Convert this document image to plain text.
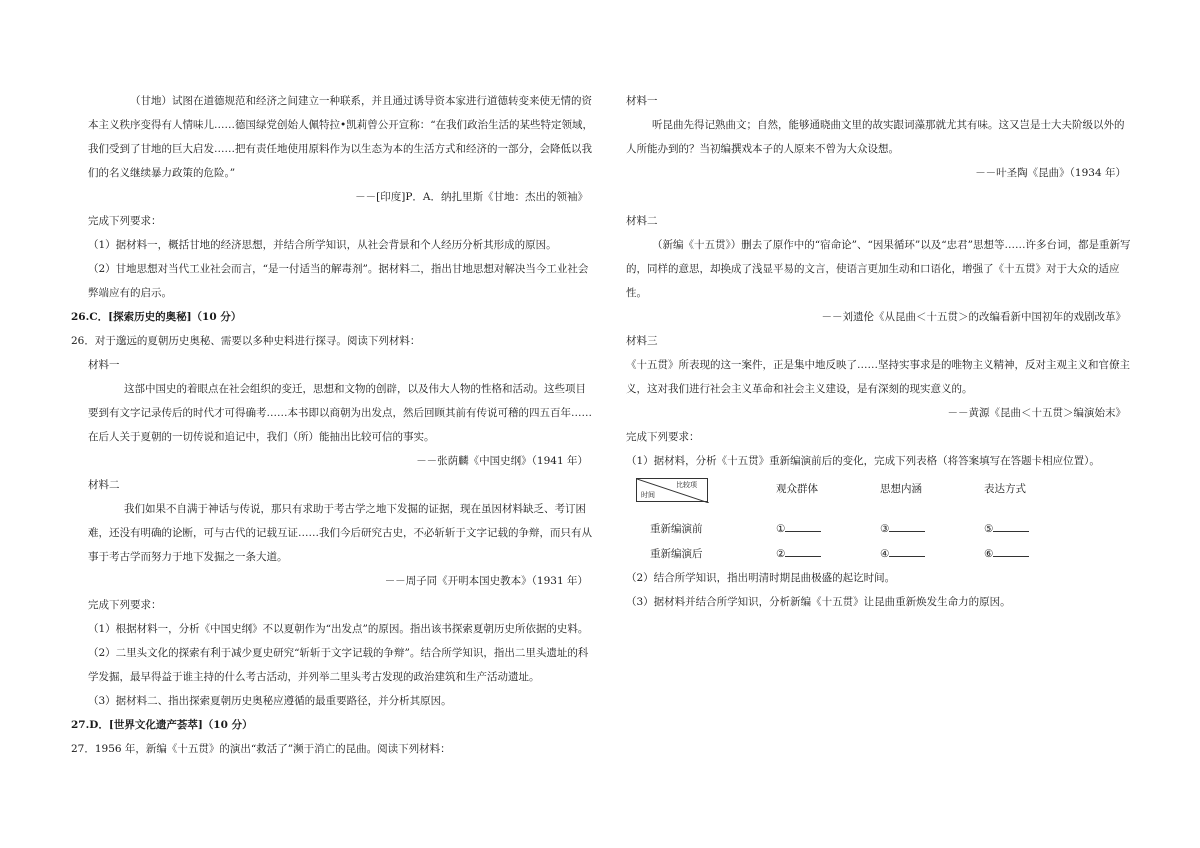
（甘地）试图在道德规范和经济之间建立一种联系，并且通过诱导资本家进行道德转变来使无情的资本主义秩序变得有人情味儿……德国绿党创始人佩特拉•凯莉曾公开宣称：“在我们政治生活的某些特定领域，我们受到了甘地的巨大启发……把有责任地使用原料作为以生态为本的生活方式和经济的一部分，会降低以我们的名义继续暴力政策的危险。”

－－[印度]P．A．纳扎里斯《甘地：杰出的领袖》

完成下列要求：

（1）据材料一，概括甘地的经济思想，并结合所学知识，从社会背景和个人经历分析其形成的原因。

（2）甘地思想对当代工业社会而言，“是一付适当的解毒剂”。据材料二，指出甘地思想对解决当今工业社会弊端应有的启示。

26.C．[探索历史的奥秘]（10 分）

26．对于邈远的夏朝历史奥秘、需要以多种史料进行探寻。阅读下列材料：

材料一

这部中国史的着眼点在社会组织的变迁，思想和文物的创辟，以及伟大人物的性格和活动。这些项目要到有文字记录传后的时代才可得确考……本书即以商朝为出发点，然后回顾其前有传说可稽的四五百年……在后人关于夏朝的一切传说和追记中，我们（所）能抽出比较可信的事实。

－－张荫麟《中国史纲》（1941 年）

材料二

我们如果不自满于神话与传说，那只有求助于考古学之地下发掘的证据，现在虽因材料缺乏、考订困难，还没有明确的论断，可与古代的记载互证……我们今后研究古史，不必斩斩于文字记载的争辩，而只有从事于考古学而努力于地下发掘之一条大道。

－－周子同《开明本国史教本》（1931 年）

完成下列要求：

（1）根据材料一，分析《中国史纲》不以夏朝作为“出发点”的原因。指出该书探索夏朝历史所依据的史料。

（2）二里头文化的探索有利于减少夏史研究“斩斩于文字记载的争辩”。结合所学知识，指出二里头遗址的科学发掘，最早得益于谁主持的什么考古活动，并列举二里头考古发现的政治建筑和生产活动遗址。

（3）据材料二、指出探索夏朝历史奥秘应遵循的最重要路径，并分析其原因。

27.D．[世界文化遗产荟萃]（10 分）

27．1956 年，新编《十五贯》的演出“救活了”濒于消亡的昆曲。阅读下列材料：

材料一

听昆曲先得记熟曲文；自然，能够通晓曲文里的故实跟词藻那就尤其有味。这又岂是士大夫阶级以外的人所能办到的？当初编撰戏本子的人原来不曾为大众设想。

－－叶圣陶《昆曲》（1934 年）

材料二

（新编《十五贯》）删去了原作中的“宿命论”、“因果循环”以及“忠君”思想等……许多台词，都是重新写的，同样的意思，却换成了浅显平易的文言，使语言更加生动和口语化，增强了《十五贯》对于大众的适应性。

－－刘遗伦《从昆曲＜十五贯＞的改编看新中国初年的戏剧改革》

材料三

《十五贯》所表现的这一案件，正是集中地反映了……坚持实事求是的唯物主义精神，反对主观主义和官僚主义，这对我们进行社会主义革命和社会主义建设，是有深刻的现实意义的。

－－黄源《昆曲＜十五贯＞编演始末》

完成下列要求：

（1）据材料，分析《十五贯》重新编演前后的变化，完成下列表格（将答案填写在答题卡相应位置）。

比较项
时间	观众群体	思想内涵	表达方式

重新编演前	①	③	⑤
重新编演后	②	④	⑥

（2）结合所学知识，指出明清时期昆曲极盛的起讫时间。

（3）据材料并结合所学知识，分析新编《十五贯》让昆曲重新焕发生命力的原因。
